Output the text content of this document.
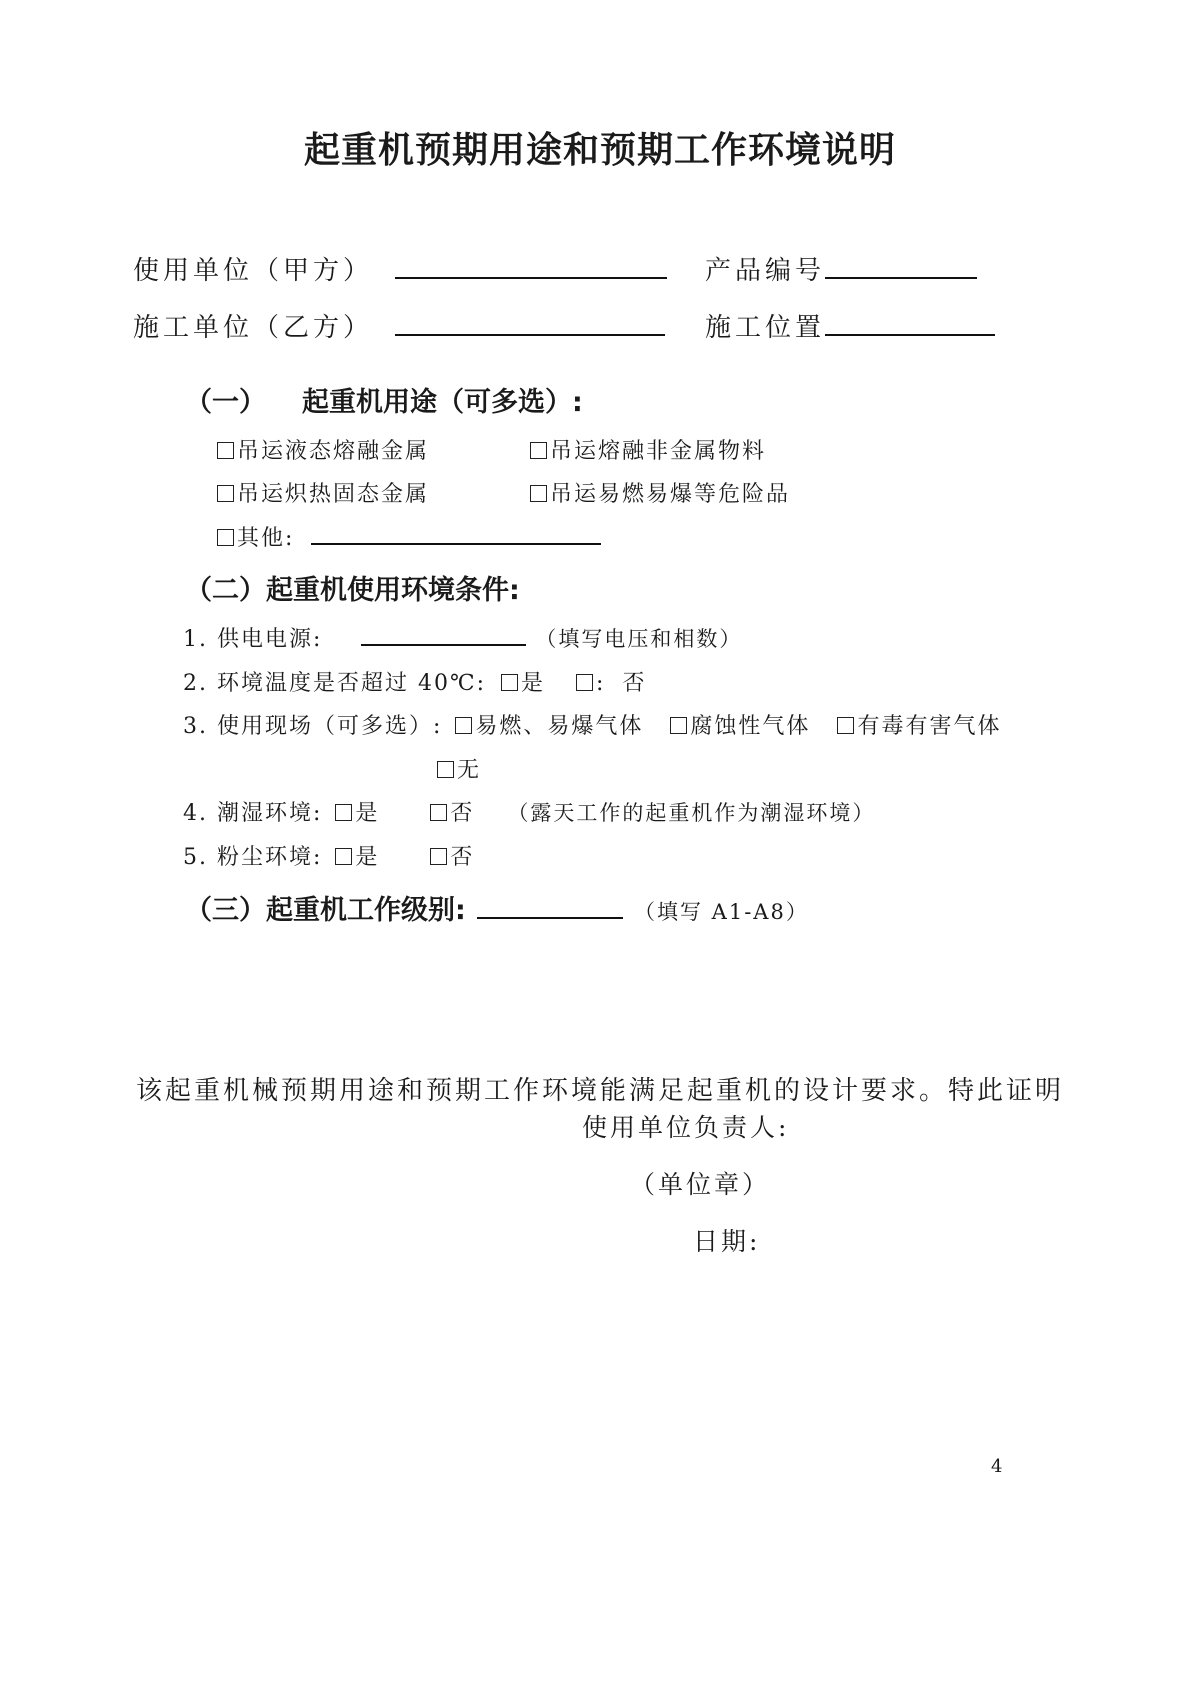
起重机预期用途和预期工作环境说明
使用单位（甲方）	产品编号
施工单位（乙方）	施工位置
（一） 起重机用途（可多选）:
吊运液态熔融金属	吊运熔融非金属物料
吊运炽热固态金属	吊运易燃易爆等危险品
其他:
（二）起重机使用环境条件:
1. 供电电源:	（填写电压和相数）
2. 环境温度是否超过 40℃: 是 : 否
3. 使用现场（可多选）: 易燃、易爆气体 腐蚀性气体 有毒有害气体
无
4. 潮湿环境: 是	否 （露天工作的起重机作为潮湿环境）
5. 粉尘环境: 是	否
（三）起重机工作级别:	（填写 A1-A8）
该起重机械预期用途和预期工作环境能满足起重机的设计要求。特此证明
使用单位负责人:
（单位章）
日期:
4
